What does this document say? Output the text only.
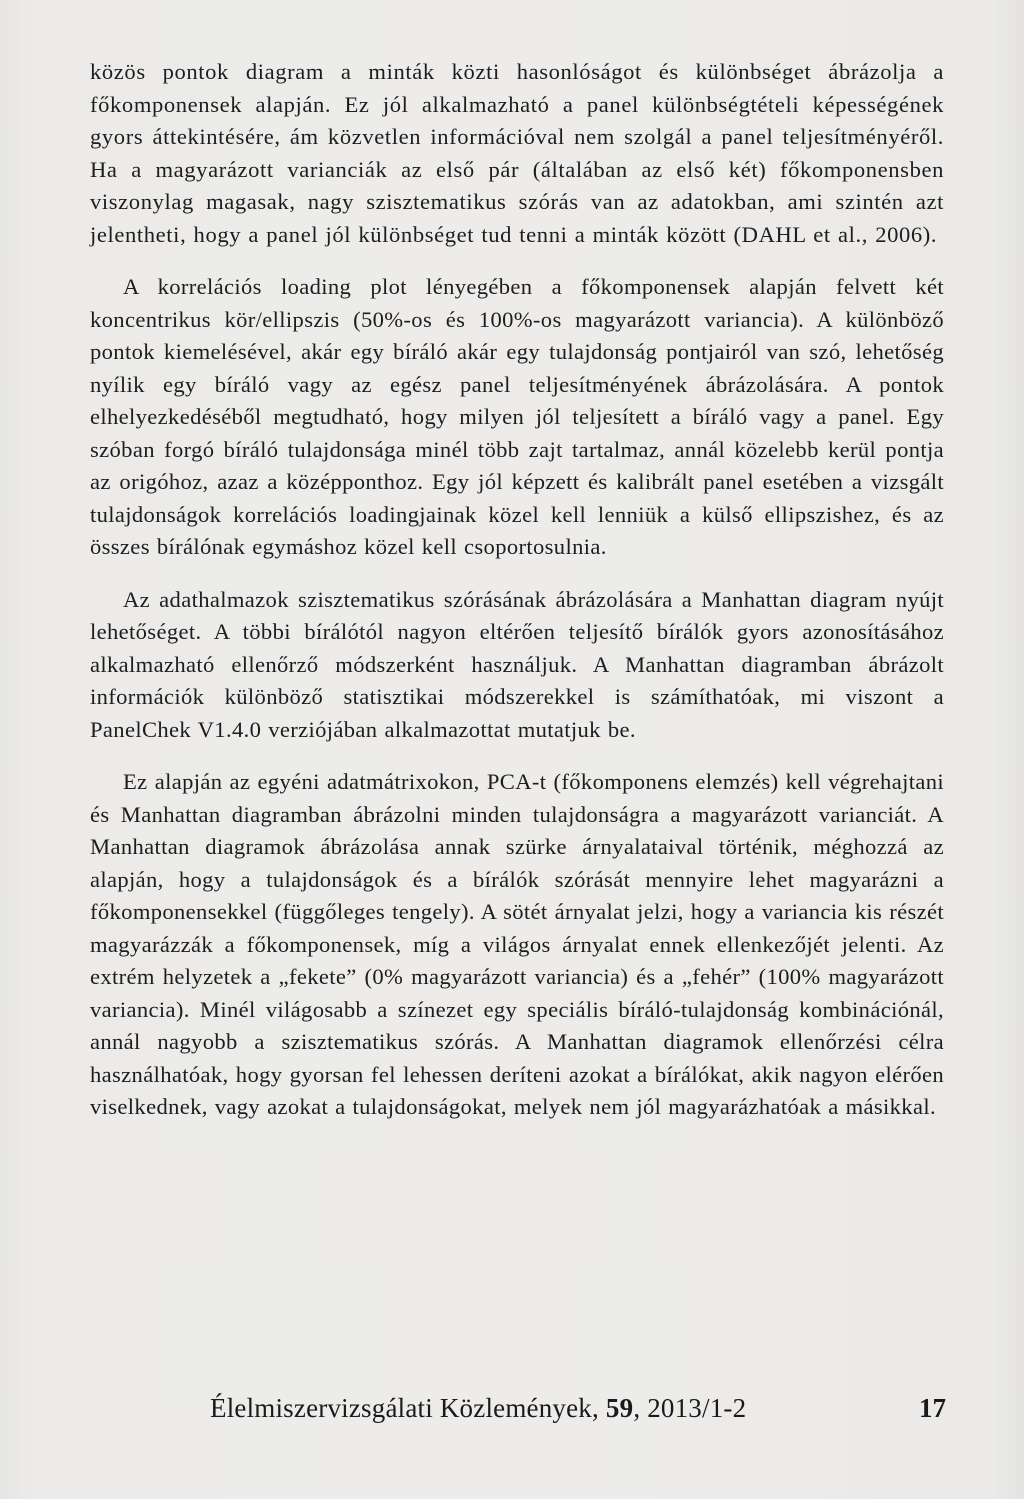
közös pontok diagram a minták közti hasonlóságot és különbséget ábrázolja a főkomponensek alapján. Ez jól alkalmazható a panel különbségtételi képességének gyors áttekintésére, ám közvetlen információval nem szolgál a panel teljesítményéről. Ha a magyarázott varianciák az első pár (általában az első két) főkomponensben viszonylag magasak, nagy szisztematikus szórás van az adatokban, ami szintén azt jelentheti, hogy a panel jól különbséget tud tenni a minták között (DAHL et al., 2006).

A korrelációs loading plot lényegében a főkomponensek alapján felvett két koncentrikus kör/ellipszis (50%-os és 100%-os magyarázott variancia). A különböző pontok kiemelésével, akár egy bíráló akár egy tulajdonság pontjairól van szó, lehetőség nyílik egy bíráló vagy az egész panel teljesítményének ábrázolására. A pontok elhelyezkedéséből megtudható, hogy milyen jól teljesített a bíráló vagy a panel. Egy szóban forgó bíráló tulajdonsága minél több zajt tartalmaz, annál közelebb kerül pontja az origóhoz, azaz a középponthoz. Egy jól képzett és kalibrált panel esetében a vizsgált tulajdonságok korrelációs loadingjainak közel kell lenniük a külső ellipszishez, és az összes bírálónak egymáshoz közel kell csoportosulnia.

Az adathalmazok szisztematikus szórásának ábrázolására a Manhattan diagram nyújt lehetőséget. A többi bírálótól nagyon eltérően teljesítő bírálók gyors azonosításához alkalmazható ellenőrző módszerként használjuk. A Manhattan diagramban ábrázolt információk különböző statisztikai módszerekkel is számíthatóak, mi viszont a PanelChek V1.4.0 verziójában alkalmazottat mutatjuk be.

Ez alapján az egyéni adatmátrixokon, PCA-t (főkomponens elemzés) kell végrehajtani és Manhattan diagramban ábrázolni minden tulajdonságra a magyarázott varianciát. A Manhattan diagramok ábrázolása annak szürke árnyalataival történik, méghozzá az alapján, hogy a tulajdonságok és a bírálók szórását mennyire lehet magyarázni a főkomponensekkel (függőleges tengely). A sötét árnyalat jelzi, hogy a variancia kis részét magyarázzák a főkomponensek, míg a világos árnyalat ennek ellenkezőjét jelenti. Az extrém helyzetek a „fekete” (0% magyarázott variancia) és a „fehér” (100% magyarázott variancia). Minél világosabb a színezet egy speciális bíráló-tulajdonság kombinációnál, annál nagyobb a szisztematikus szórás. A Manhattan diagramok ellenőrzési célra használhatóak, hogy gyorsan fel lehessen deríteni azokat a bírálókat, akik nagyon elérően viselkednek, vagy azokat a tulajdonságokat, melyek nem jól magyarázhatóak a másikkal.

Élelmiszervizsgálati Közlemények, 59, 2013/1-2	17
